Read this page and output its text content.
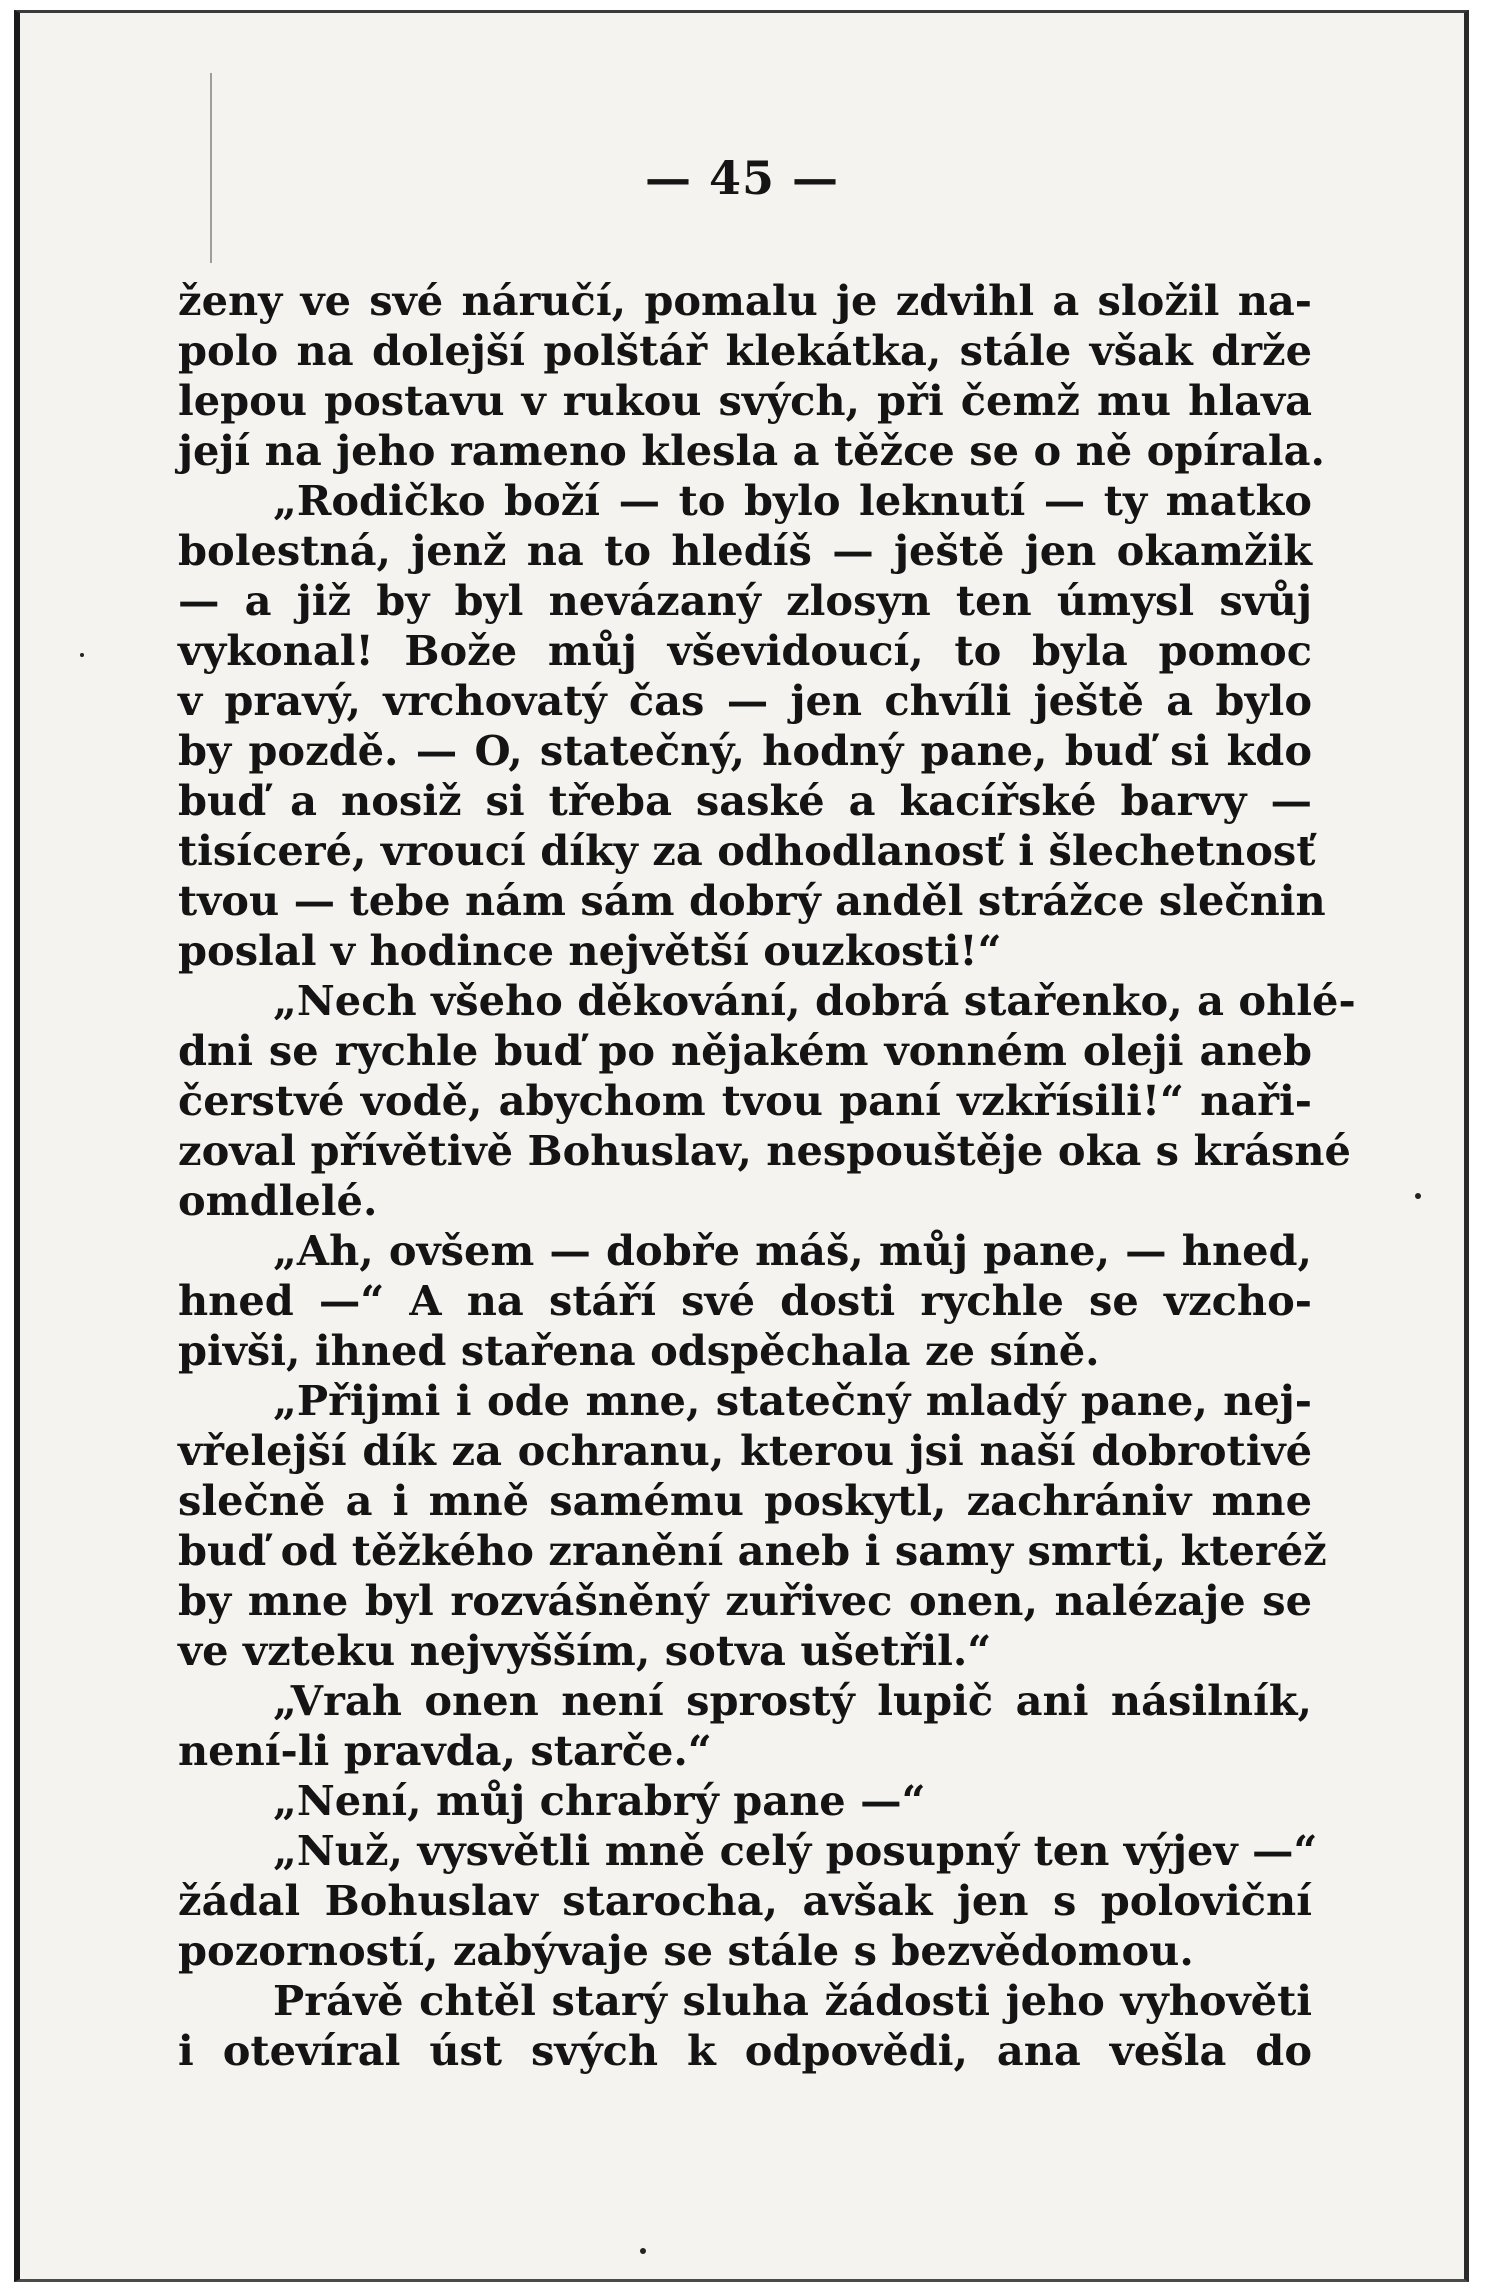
— 45 —
ženy ve své náručí, pomalu je zdvihl a složil na-
polo na dolejší polštář klekátka, stále však drže
lepou postavu v rukou svých, při čemž mu hlava
její na jeho rameno klesla a těžce se o ně opírala.
„Rodičko boží — to bylo leknutí — ty matko
bolestná, jenž na to hledíš — ještě jen okamžik
— a již by byl nevázaný zlosyn ten úmysl svůj
vykonal! Bože můj vševidoucí, to byla pomoc
v pravý, vrchovatý čas — jen chvíli ještě a bylo
by pozdě. — O, statečný, hodný pane, buď si kdo
buď a nosiž si třeba saské a kacířské barvy —
tisíceré, vroucí díky za odhodlanosť i šlechetnosť
tvou — tebe nám sám dobrý anděl strážce slečnin
poslal v hodince největší ouzkosti!“
„Nech všeho děkování, dobrá stařenko, a ohlé-
dni se rychle buď po nějakém vonném oleji aneb
čerstvé vodě, abychom tvou paní vzkřísili!“ naři-
zoval přívětivě Bohuslav, nespouštěje oka s krásné
omdlelé.
„Ah, ovšem — dobře máš, můj pane, — hned,
hned —“ A na stáří své dosti rychle se vzcho-
pivši, ihned stařena odspěchala ze síně.
„Přijmi i ode mne, statečný mladý pane, nej-
vřelejší dík za ochranu, kterou jsi naší dobrotivé
slečně a i mně samému poskytl, zachrániv mne
buď od těžkého zranění aneb i samy smrti, kteréž
by mne byl rozvášněný zuřivec onen, nalézaje se
ve vzteku nejvyšším, sotva ušetřil.“
„Vrah onen není sprostý lupič ani násilník,
není-li pravda, starče.“
„Není, můj chrabrý pane —“
„Nuž, vysvětli mně celý posupný ten výjev —“
žádal Bohuslav starocha, avšak jen s poloviční
pozorností, zabývaje se stále s bezvědomou.
Právě chtěl starý sluha žádosti jeho vyhověti
i otevíral úst svých k odpovědi, ana vešla do
